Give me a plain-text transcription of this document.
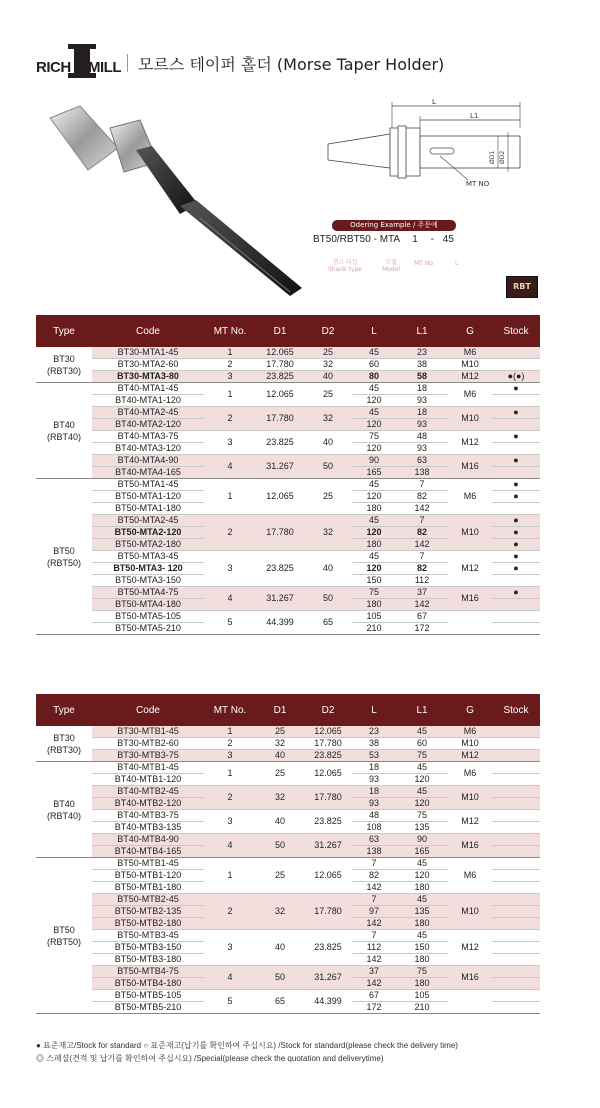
RICH MILL 모르스 테이퍼 홀더 (Morse Taper Holder)
L
L1
ØD1 ØD2
MT NO
Odering Example / 주문예
BT50/RBT50 - MTA 1 - 45
생크 타입
Shank type
모델
Model
MT No.	L
RBT
Type	Code	MT No.	D1	D2	L	L1	G	Stock

BT30
(RBT30)	BT30-MTA1-45	1	12.065	25	45	23	M6	
	BT30-MTA2-60	2	17.780	32	60	38	M10	
	BT30-MTA3-80	3	23.825	40	80	58	M12	●(●)

BT40
(RBT40)	BT40-MTA1-45	1	12.065	25	45	18	M6	●
	BT40-MTA1-120				120	93		
	BT40-MTA2-45	2	17.780	32	45	18	M10	●
	BT40-MTA2-120				120	93		
	BT40-MTA3-75	3	23.825	40	75	48	M12	●
	BT40-MTA3-120				120	93		
	BT40-MTA4-90	4	31.267	50	90	63	M16	●
	BT40-MTA4-165				165	138		

BT50
(RBT50)	BT50-MTA1-45	1	12.065	25	45	7	M6	●
	BT50-MTA1-120				120	82		●
	BT50-MTA1-180				180	142		
	BT50-MTA2-45	2	17.780	32	45	7	M10	●
	BT50-MTA2-120				120	82		●
	BT50-MTA2-180				180	142		●
	BT50-MTA3-45	3	23.825	40	45	7	M12	●
	BT50-MTA3- 120				120	82		●
	BT50-MTA3-150				150	112		
	BT50-MTA4-75	4	31.267	50	75	37	M16	●
	BT50-MTA4-180				180	142		
	BT50-MTA5-105	5	44.399	65	105	67		
	BT50-MTA5-210				210	172		
Type	Code	MT No.	D1	D2	L	L1	G	Stock

BT30
(RBT30)	BT30-MTB1-45	1	25	12.065	23	45	M6	
	BT30-MTB2-60	2	32	17.780	38	60	M10	
	BT30-MTB3-75	3	40	23.825	53	75	M12	

BT40
(RBT40)	BT40-MTB1-45	1	25	12.065	18	45	M6	
	BT40-MTB1-120				93	120		
	BT40-MTB2-45	2	32	17.780	18	45	M10	
	BT40-MTB2-120				93	120		
	BT40-MTB3-75	3	40	23.825	48	75	M12	
	BT40-MTB3-135				108	135		
	BT40-MTB4-90	4	50	31.267	63	90	M16	
	BT40-MTB4-165				138	165		

BT50
(RBT50)	BT50-MTB1-45	1	25	12.065	7	45	M6	
	BT50-MTB1-120				82	120		
	BT50-MTB1-180				142	180		
	BT50-MTB2-45	2	32	17.780	7	45	M10	
	BT50-MTB2-135				97	135		
	BT50-MTB2-180				142	180		
	BT50-MTB3-45	3	40	23.825	7	45	M12	
	BT50-MTB3-150				112	150		
	BT50-MTB3-180				142	180		
	BT50-MTB4-75	4	50	31.267	37	75	M16	
	BT50-MTB4-180				142	180		
	BT50-MTB5-105	5	65	44.399	67	105		
	BT50-MTB5-210				172	210		
● 표준재고/Stock for standard ○ 표준재고(납기를 확인하여 주십시요) /Stock for standard(please check the delivery time)
◎ 스페셜(견적 및 납기를 확인하여 주십시요) /Special(please check the quotation and deliverytime)
